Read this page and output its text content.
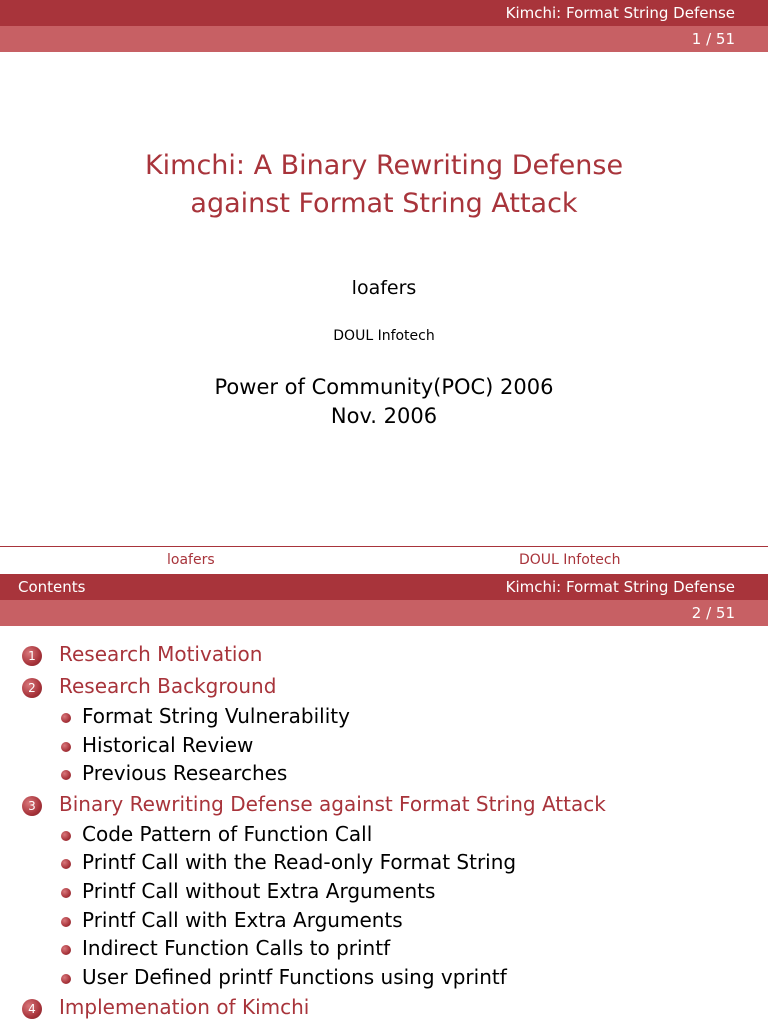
Kimchi: Format String Defense
1 / 51
Kimchi: A Binary Rewriting Defense
against Format String Attack
loafers
DOUL Infotech
Power of Community(POC) 2006
Nov. 2006
loafers	DOUL Infotech
Contents	Kimchi: Format String Defense
2 / 51
1	Research Motivation
2	Research Background
Format String Vulnerability
Historical Review
Previous Researches
3	Binary Rewriting Defense against Format String Attack
Code Pattern of Function Call
Printf Call with the Read-only Format String
Printf Call without Extra Arguments
Printf Call with Extra Arguments
Indirect Function Calls to printf
User Defined printf Functions using vprintf
4	Implemenation of Kimchi
